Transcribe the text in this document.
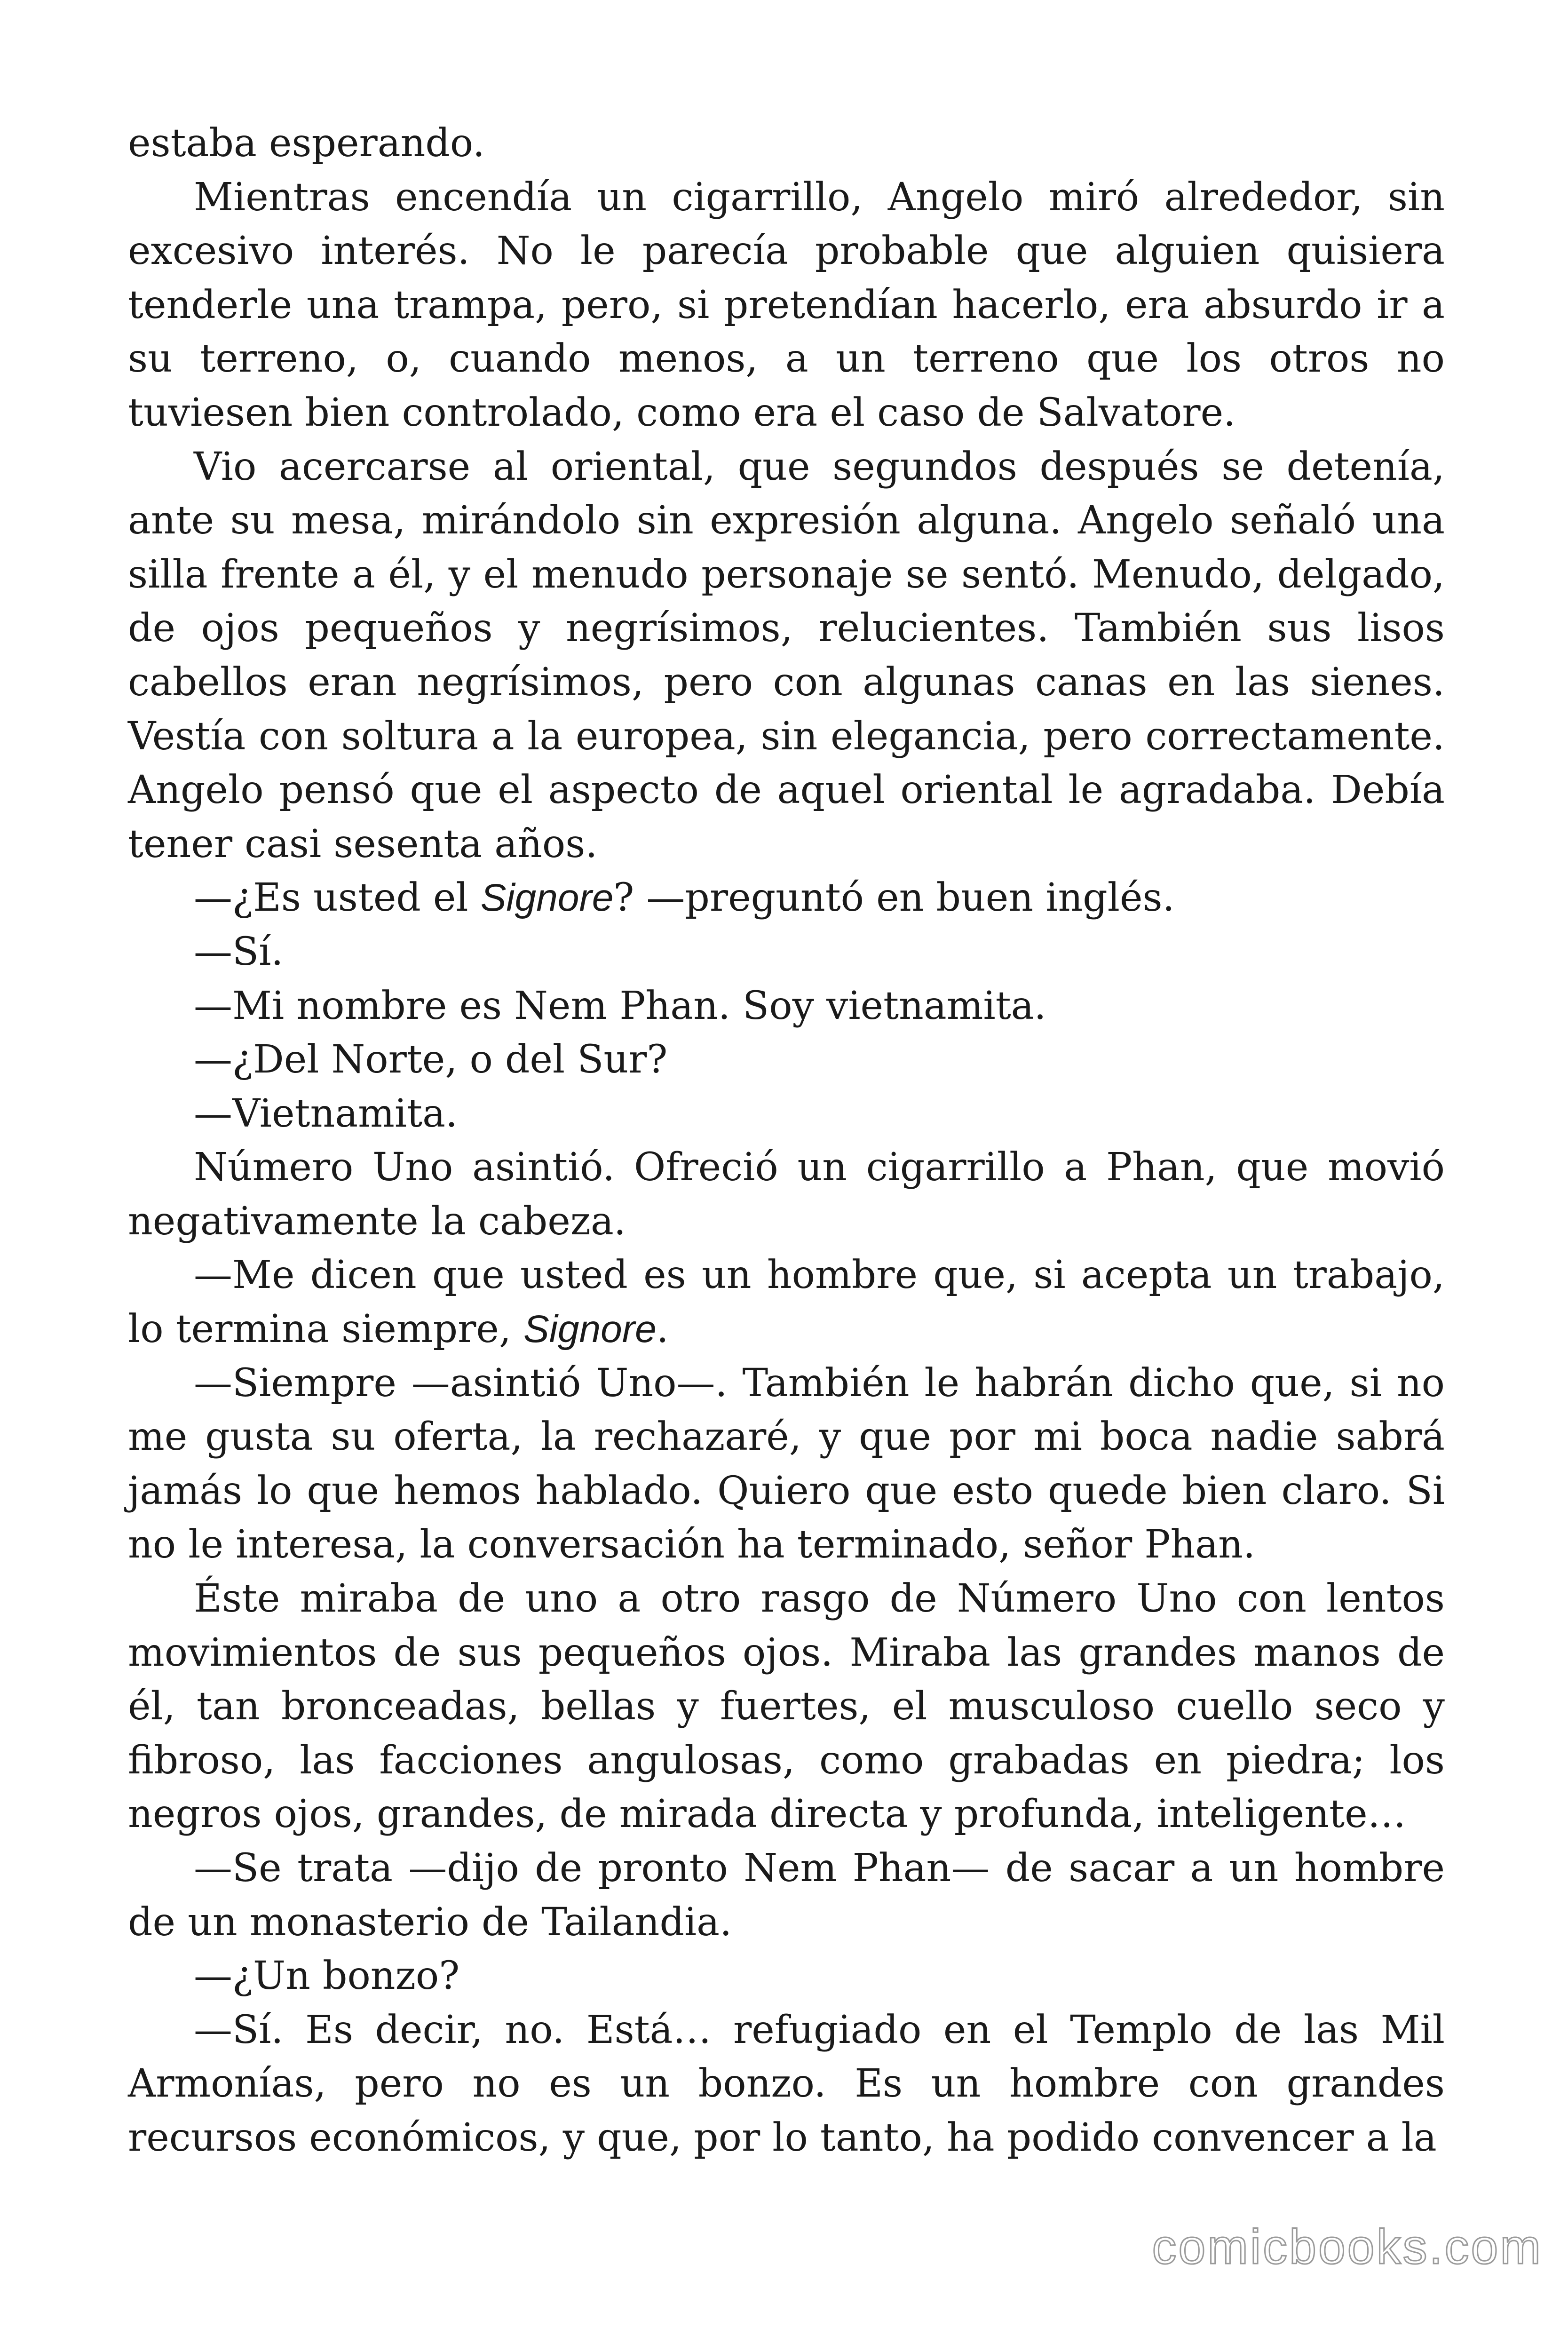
estaba esperando.

Mientras encendía un cigarrillo, Angelo miró alrededor, sin excesivo interés. No le parecía probable que alguien quisiera tenderle una trampa, pero, si pretendían hacerlo, era absurdo ir a su terreno, o, cuando menos, a un terreno que los otros no tuviesen bien controlado, como era el caso de Salvatore.

Vio acercarse al oriental, que segundos después se detenía, ante su mesa, mirándolo sin expresión alguna. Angelo señaló una silla frente a él, y el menudo personaje se sentó. Menudo, delgado, de ojos pequeños y negrísimos, relucientes. También sus lisos cabellos eran negrísimos, pero con algunas canas en las sienes. Vestía con soltura a la europea, sin elegancia, pero correctamente. Angelo pensó que el aspecto de aquel oriental le agradaba. Debía tener casi sesenta años.

—¿Es usted el Signore? —preguntó en buen inglés.

—Sí.

—Mi nombre es Nem Phan. Soy vietnamita.

—¿Del Norte, o del Sur?

—Vietnamita.

Número Uno asintió. Ofreció un cigarrillo a Phan, que movió negativamente la cabeza.

—Me dicen que usted es un hombre que, si acepta un trabajo, lo termina siempre, Signore.

—Siempre —asintió Uno—. También le habrán dicho que, si no me gusta su oferta, la rechazaré, y que por mi boca nadie sabrá jamás lo que hemos hablado. Quiero que esto quede bien claro. Si no le interesa, la conversación ha terminado, señor Phan.

Éste miraba de uno a otro rasgo de Número Uno con lentos movimientos de sus pequeños ojos. Miraba las grandes manos de él, tan bronceadas, bellas y fuertes, el musculoso cuello seco y fibroso, las facciones angulosas, como grabadas en piedra; los negros ojos, grandes, de mirada directa y profunda, inteligente…

—Se trata —dijo de pronto Nem Phan— de sacar a un hombre de un monasterio de Tailandia.

—¿Un bonzo?

—Sí. Es decir, no. Está… refugiado en el Templo de las Mil Armonías, pero no es un bonzo. Es un hombre con grandes recursos económicos, y que, por lo tanto, ha podido convencer a la

comicbooks.com
